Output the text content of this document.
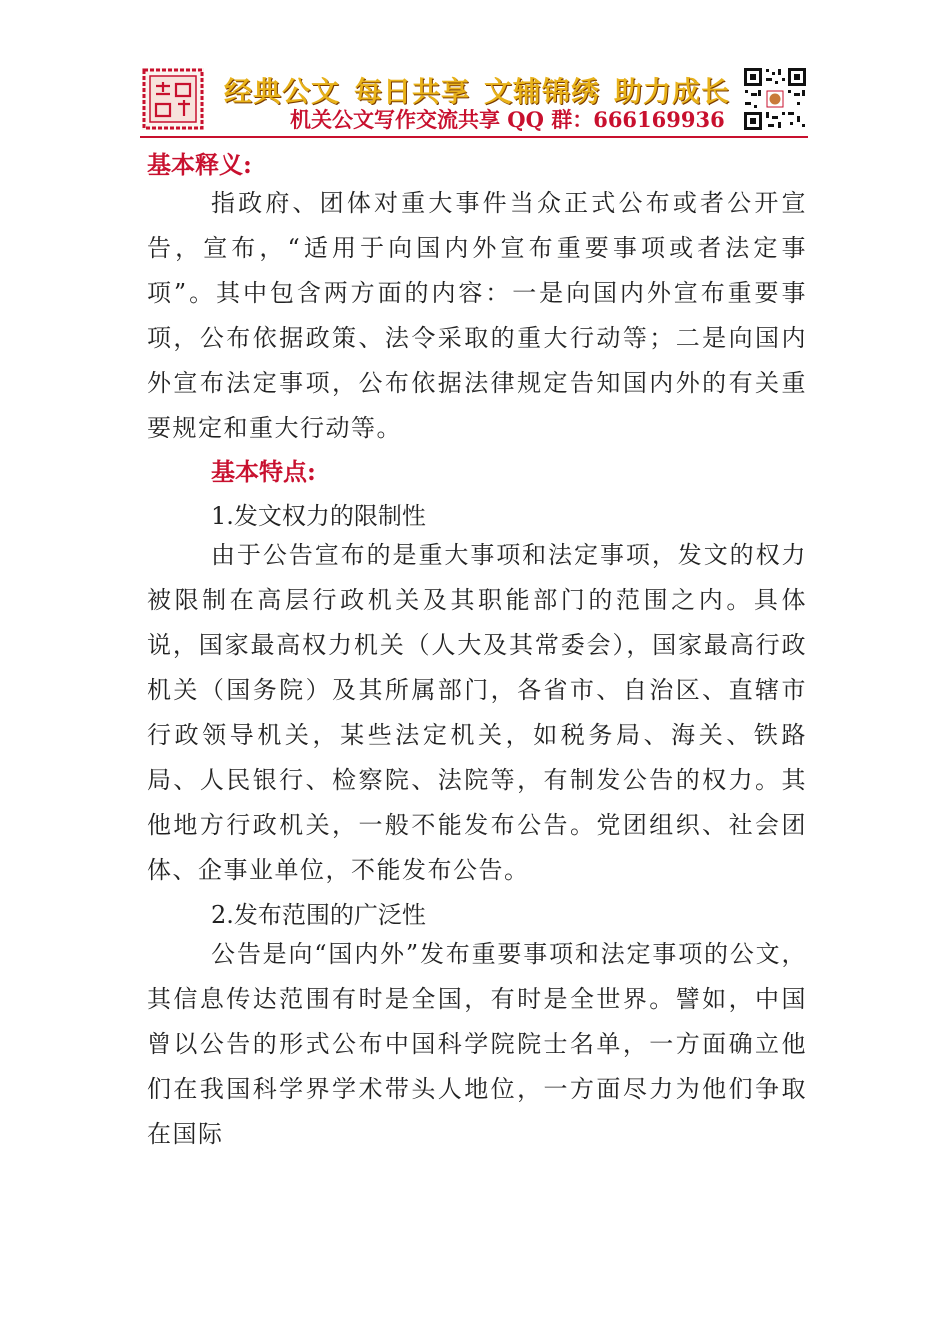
经典公文 每日共享 文辅锦绣 助力成长
机关公文写作交流共享 QQ 群：666169936
基本释义:
指政府、团体对重大事件当众正式公布或者公开宣告，宣布，“适用于向国内外宣布重要事项或者法定事项”。其中包含两方面的内容：一是向国内外宣布重要事项，公布依据政策、法令采取的重大行动等；二是向国内外宣布法定事项，公布依据法律规定告知国内外的有关重要规定和重大行动等。
基本特点:
1.发文权力的限制性
由于公告宣布的是重大事项和法定事项，发文的权力被限制在高层行政机关及其职能部门的范围之内。具体说，国家最高权力机关（人大及其常委会），国家最高行政机关（国务院）及其所属部门，各省市、自治区、直辖市行政领导机关，某些法定机关，如税务局、海关、铁路局、人民银行、检察院、法院等，有制发公告的权力。其他地方行政机关，一般不能发布公告。党团组织、社会团体、企事业单位，不能发布公告。
2.发布范围的广泛性
公告是向“国内外”发布重要事项和法定事项的公文，其信息传达范围有时是全国，有时是全世界。譬如，中国曾以公告的形式公布中国科学院院士名单，一方面确立他们在我国科学界学术带头人地位，一方面尽力为他们争取在国际
